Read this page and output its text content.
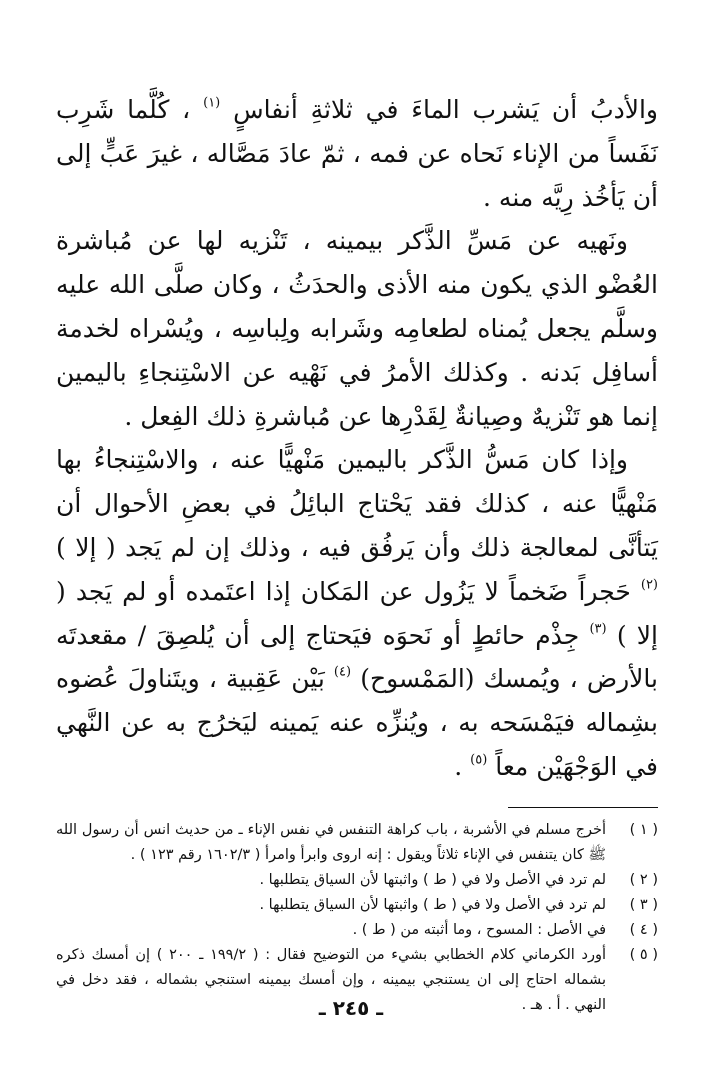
والأدبُ أن يَشرب الماءَ في ثلاثةِ أنفاسٍ $^{(١)}$ ، كُلَّما شَرِب نَفَساً من الإناء نَحاه عن فمه ، ثمّ عادَ مَصَّاله ، غيرَ عَبٍّ إلى أن يَأخُذ رِيَّه منه .

ونَهيه عن مَسِّ الذَّكر بيمينه ، تَنْزيه لها عن مُباشرة العُضْو الذي يكون منه الأذى والحدَثُ ، وكان صلَّى الله عليه وسلَّم يجعل يُمناه لطعامِه وشَرابه ولِباسِه ، ويُسْراه لخدمة أسافِل بَدنه . وكذلك الأمرُ في نَهْيه عن الاسْتِنجاءِ باليمين إنما هو تَنْزيهٌ وصِيانةٌ لِقَدْرِها عن مُباشرةِ ذلك الفِعل .

وإذا كان مَسُّ الذَّكر باليمين مَنْهيًّا عنه ، والاسْتِنجاءُ بها مَنْهيًّا عنه ، كذلك فقد يَحْتاج البائِلُ في بعضِ الأحوال أن يَتأنَّى لمعالجة ذلك وأن يَرفُق فيه ، وذلك إن لم يَجد ( إلا ) $^{(٢)}$ حَجراً ضَخماً لا يَزُول عن المَكان إذا اعتَمده أو لم يَجد ( إلا ) $^{(٣)}$ جِذْم حائطٍ أو نَحوَه فيَحتاج إلى أن يُلصِقَ / مقعدتَه بالأرض ، ويُمسك (المَمْسوح) $^{(٤)}$ بَيْن عَقِبية ، ويتَناولَ عُضوه بشِماله فيَمْسَحه به ، ويُنزِّه عنه يَمينه ليَخرُج به عن النَّهي في الوَجْهَيْن معاً $^{(٥)}$ .

( ١ )
أخرج مسلم في الأشربة ، باب كراهة التنفس في نفس الإناء ـ من حديث انس أن رسول الله ﷺ كان يتنفس في الإناء ثلاثاً ويقول : إنه اروى وابرأ وامرأ ( ١٦٠٢/٣ رقم ١٢٣ ) .
( ٢ )
لم ترد في الأصل ولا في ( ط ) واثبتها لأن السياق يتطلبها .
( ٣ )
لم ترد في الأصل ولا في ( ط ) واثبتها لأن السياق يتطلبها .
( ٤ )
في الأصل : المسوح ، وما أثبته من ( ط ) .
( ٥ )
أورد الكرماني كلام الخطابي بشيء من التوضيح فقال : ( ١٩٩/٢ ـ ٢٠٠ ) إن أمسك ذكره بشماله احتاج إلى ان يستنجي بيمينه ، وإن أمسك بيمينه استنجي بشماله ، فقد دخل في النهي . أ . هـ .
ـ ٢٤٥ ـ
